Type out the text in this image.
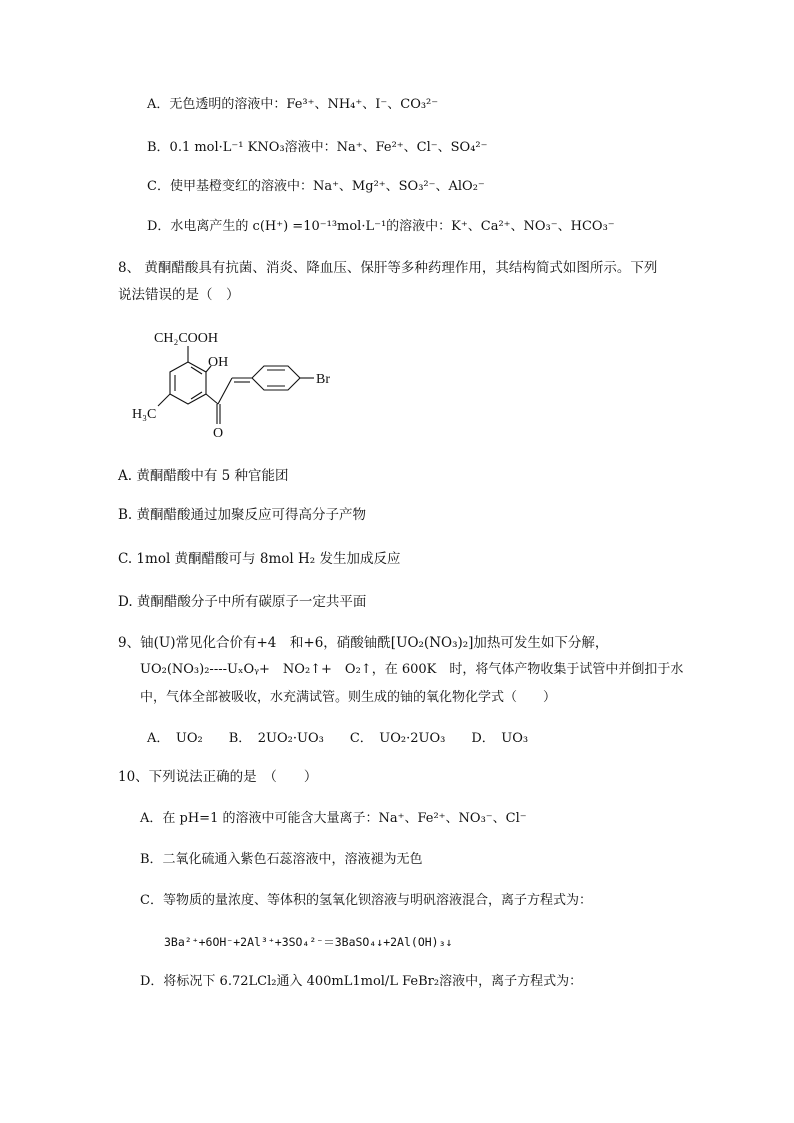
A．无色透明的溶液中：Fe³⁺、NH₄⁺、I⁻、CO₃²⁻
B．0.1 mol·L⁻¹ KNO₃溶液中：Na⁺、Fe²⁺、Cl⁻、SO₄²⁻
C．使甲基橙变红的溶液中：Na⁺、Mg²⁺、SO₃²⁻、AlO₂⁻
D．水电离产生的 c(H⁺) =10⁻¹³mol·L⁻¹的溶液中：K⁺、Ca²⁺、NO₃⁻、HCO₃⁻
8、 黄酮醋酸具有抗菌、消炎、降血压、保肝等多种药理作用，其结构简式如图所示。下列
说法错误的是（　）
CH₂COOH
OH
Br
H₃C
O
A. 黄酮醋酸中有 5 种官能团
B. 黄酮醋酸通过加聚反应可得高分子产物
C. 1mol 黄酮醋酸可与 8mol H₂ 发生加成反应
D. 黄酮醋酸分子中所有碳原子一定共平面
9、铀(U)常见化合价有+4　和+6，硝酸铀酰[UO₂(NO₃)₂]加热可发生如下分解，
UO₂(NO₃)₂----UₓOᵧ+　NO₂↑+　O₂↑，在 600K　时，将气体产物收集于试管中并倒扣于水
中，气体全部被吸收，水充满试管。则生成的铀的氧化物化学式（　　）
A．　UO₂　　B．　2UO₂·UO₃　　C．　UO₂·2UO₃　　D．　UO₃
10、下列说法正确的是　（　　）
A．在 pH=1 的溶液中可能含大量离子：Na⁺、Fe²⁺、NO₃⁻、Cl⁻
B．二氧化硫通入紫色石蕊溶液中，溶液褪为无色
C．等物质的量浓度、等体积的氢氧化钡溶液与明矾溶液混合，离子方程式为：
3Ba²⁺+6OH⁻+2Al³⁺+3SO₄²⁻＝3BaSO₄↓+2Al(OH)₃↓
D．将标况下 6.72LCl₂通入 400mL1mol/L FeBr₂溶液中，离子方程式为：
